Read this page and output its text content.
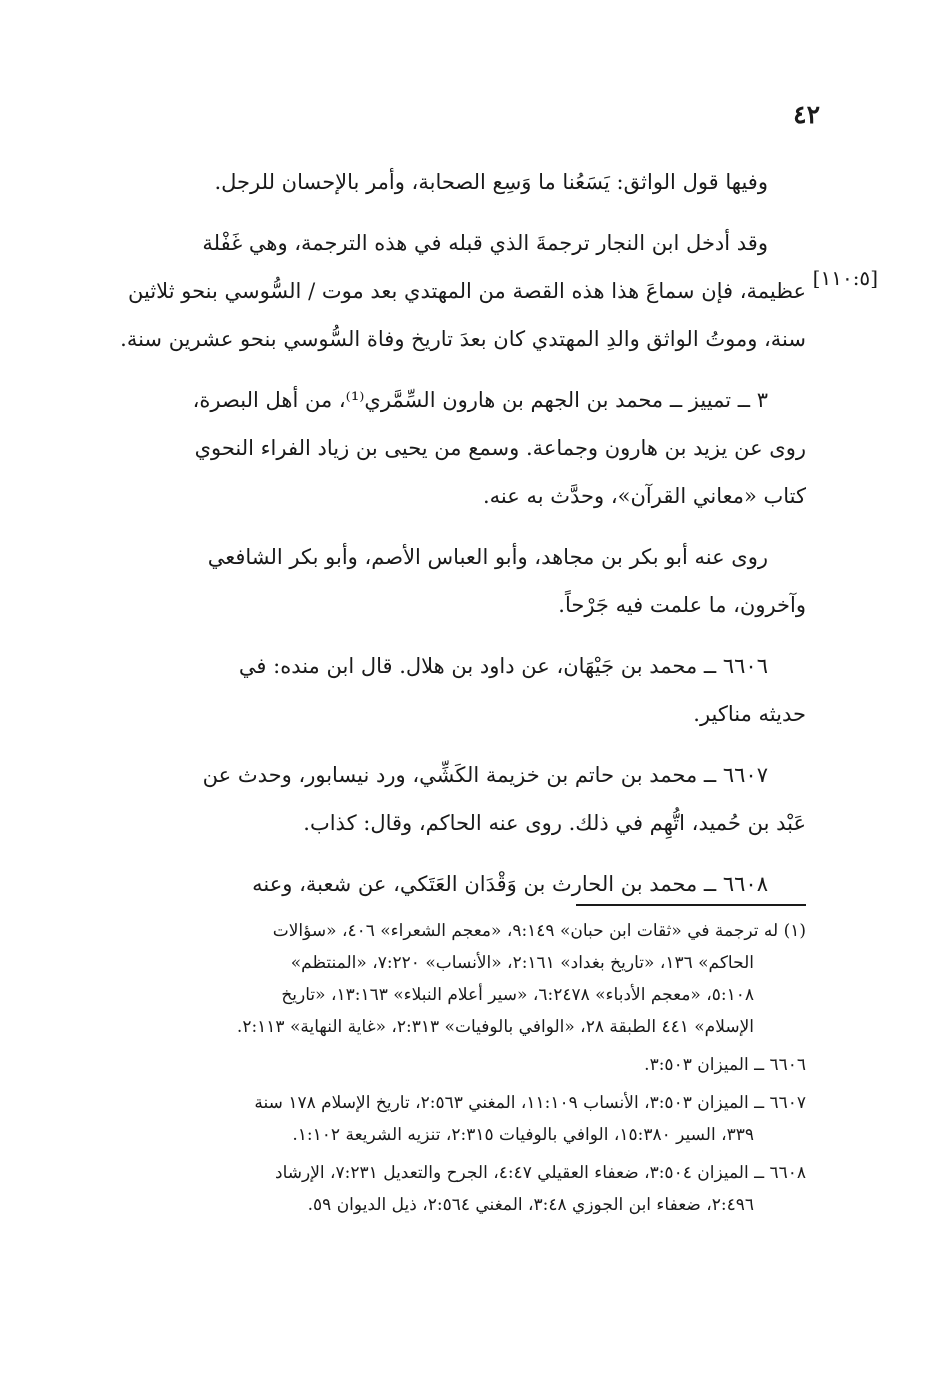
٤٢
[١١٠:٥]

وفيها قول الواثق: يَسَعُنا ما وَسِع الصحابة، وأمر بالإحسان للرجل.

وقد أدخل ابن النجار ترجمةَ الذي قبله في هذه الترجمة، وهي غَفْلة
عظيمة، فإن سماعَ هذا هذه القصة من المهتدي بعد موت / السُّوسي بنحو ثلاثين
سنة، وموتُ الواثق والدِ المهتدي كان بعدَ تاريخ وفاة السُّوسي بنحو عشرين سنة.

٣ ــ تمييز ــ محمد بن الجهم بن هارون السِّمَّري⁽¹⁾، من أهل البصرة،
روى عن يزيد بن هارون وجماعة. وسمع من يحيى بن زياد الفراء النحوي
كتاب «معاني القرآن»، وحدَّث به عنه.

روى عنه أبو بكر بن مجاهد، وأبو العباس الأصم، وأبو بكر الشافعي
وآخرون، ما علمت فيه جَرْحاً.

٦٦٠٦ ــ محمد بن جَيْهَان، عن داود بن هلال. قال ابن منده: في
حديثه مناكير.

٦٦٠٧ ــ محمد بن حاتم بن خزيمة الكَشِّي، ورد نيسابور، وحدث عن
عَبْد بن حُميد، اتُّهِم في ذلك. روى عنه الحاكم، وقال: كذاب.

٦٦٠٨ ــ محمد بن الحارث بن وَقْدَان العَتَكي، عن شعبة، وعنه

(١) له ترجمة في «ثقات ابن حبان» ٩:١٤٩، «معجم الشعراء» ٤٠٦، «سؤالات
الحاكم» ١٣٦، «تاريخ بغداد» ٢:١٦١، «الأنساب» ٧:٢٢٠، «المنتظم»
٥:١٠٨، «معجم الأدباء» ٦:٢٤٧٨، «سير أعلام النبلاء» ١٣:١٦٣، «تاريخ
الإسلام» ٤٤١ الطبقة ٢٨، «الوافي بالوفيات» ٢:٣١٣، «غاية النهاية» ٢:١١٣.
٦٦٠٦ ــ الميزان ٣:٥٠٣.
٦٦٠٧ ــ الميزان ٣:٥٠٣، الأنساب ١١:١٠٩، المغني ٢:٥٦٣، تاريخ الإسلام ١٧٨ سنة
٣٣٩، السير ١٥:٣٨٠، الوافي بالوفيات ٢:٣١٥، تنزيه الشريعة ١:١٠٢.
٦٦٠٨ ــ الميزان ٣:٥٠٤، ضعفاء العقيلي ٤:٤٧، الجرح والتعديل ٧:٢٣١، الإرشاد
٢:٤٩٦، ضعفاء ابن الجوزي ٣:٤٨، المغني ٢:٥٦٤، ذيل الديوان ٥٩.
